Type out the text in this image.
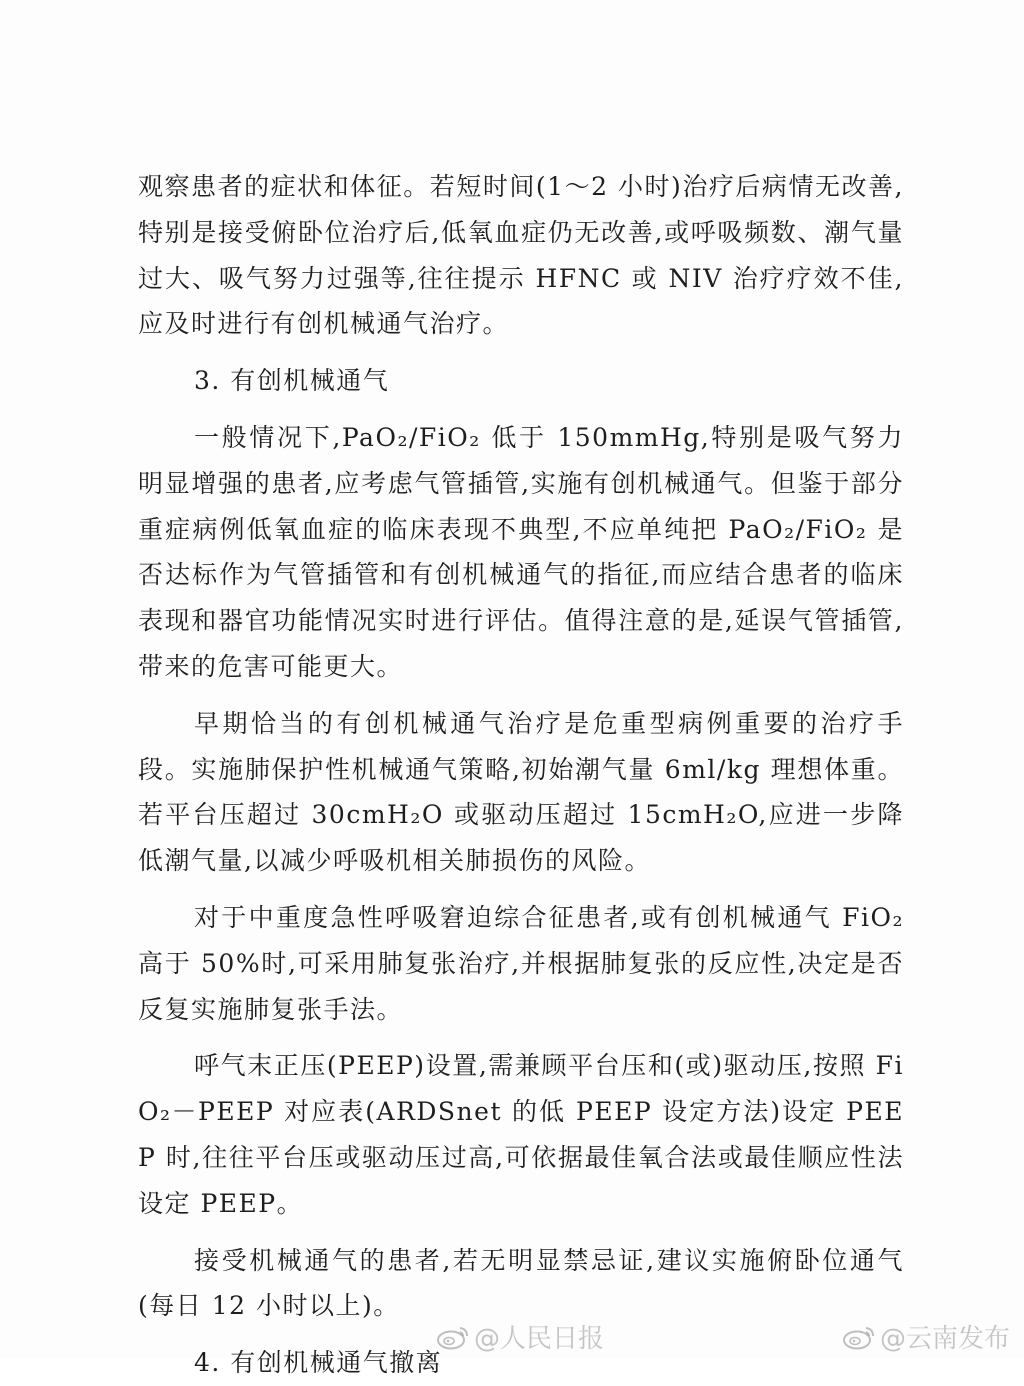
观察患者的症状和体征。若短时间(1～2 小时)治疗后病情无改善,特别是接受俯卧位治疗后,低氧血症仍无改善,或呼吸频数、潮气量过大、吸气努力过强等,往往提示 HFNC 或 NIV 治疗疗效不佳,应及时进行有创机械通气治疗。

3. 有创机械通气

一般情况下,PaO₂/FiO₂ 低于 150mmHg,特别是吸气努力明显增强的患者,应考虑气管插管,实施有创机械通气。但鉴于部分重症病例低氧血症的临床表现不典型,不应单纯把 PaO₂/FiO₂ 是否达标作为气管插管和有创机械通气的指征,而应结合患者的临床表现和器官功能情况实时进行评估。值得注意的是,延误气管插管,带来的危害可能更大。

早期恰当的有创机械通气治疗是危重型病例重要的治疗手段。实施肺保护性机械通气策略,初始潮气量 6ml/kg 理想体重。若平台压超过 30cmH₂O 或驱动压超过 15cmH₂O,应进一步降低潮气量,以减少呼吸机相关肺损伤的风险。

对于中重度急性呼吸窘迫综合征患者,或有创机械通气 FiO₂ 高于 50%时,可采用肺复张治疗,并根据肺复张的反应性,决定是否反复实施肺复张手法。

呼气末正压(PEEP)设置,需兼顾平台压和(或)驱动压,按照 FiO₂－PEEP 对应表(ARDSnet 的低 PEEP 设定方法)设定 PEEP 时,往往平台压或驱动压过高,可依据最佳氧合法或最佳顺应性法设定 PEEP。

接受机械通气的患者,若无明显禁忌证,建议实施俯卧位通气(每日 12 小时以上)。

4. 有创机械通气撤离

@人民日报	@云南发布
